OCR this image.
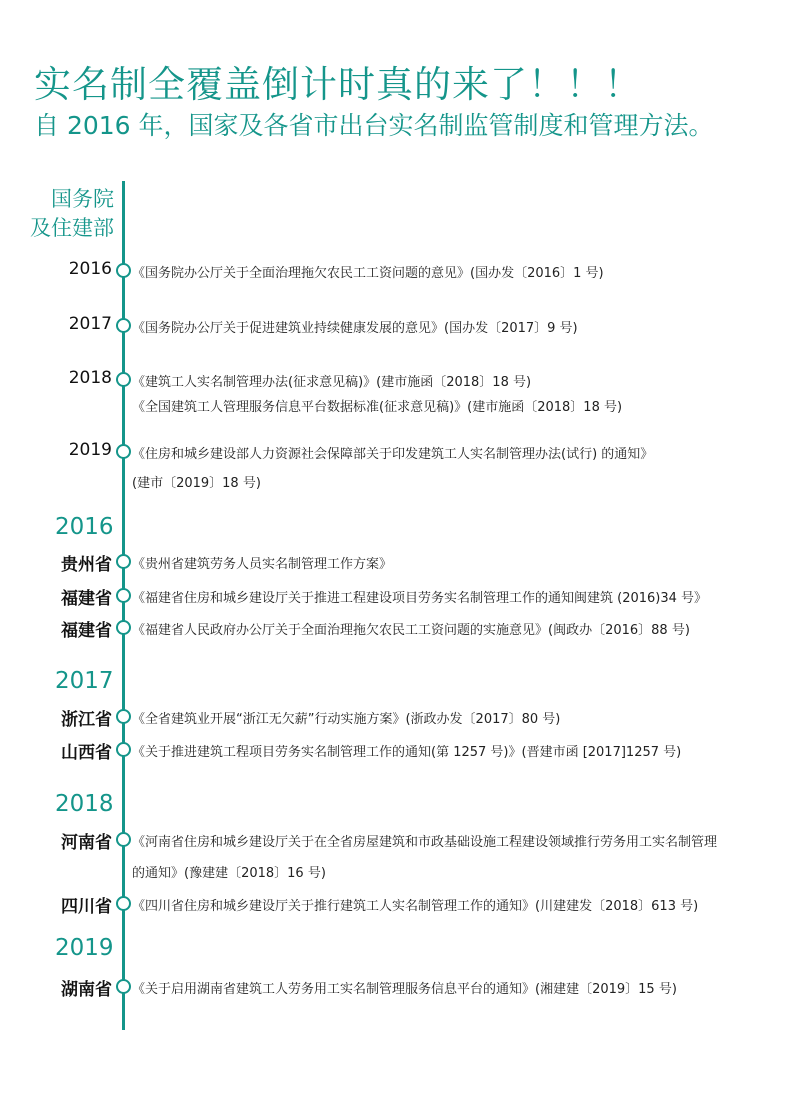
实名制全覆盖倒计时真的来了！！！
自 2016 年，国家及各省市出台实名制监管制度和管理方法。
国务院
及住建部
2016 《国务院办公厅关于全面治理拖欠农民工工资问题的意见》(国办发〔2016〕1 号)
2017 《国务院办公厅关于促进建筑业持续健康发展的意见》(国办发〔2017〕9 号)
2018 《建筑工人实名制管理办法(征求意见稿)》(建市施函〔2018〕18 号)
《全国建筑工人管理服务信息平台数据标准(征求意见稿)》(建市施函〔2018〕18 号)
2019 《住房和城乡建设部人力资源社会保障部关于印发建筑工人实名制管理办法(试行) 的通知》
(建市〔2019〕18 号)
2016
贵州省 《贵州省建筑劳务人员实名制管理工作方案》
福建省 《福建省住房和城乡建设厅关于推进工程建设项目劳务实名制管理工作的通知闽建筑 (2016)34 号》
福建省 《福建省人民政府办公厅关于全面治理拖欠农民工工资问题的实施意见》(闽政办〔2016〕88 号)
2017
浙江省 《全省建筑业开展“浙江无欠薪”行动实施方案》(浙政办发〔2017〕80 号)
山西省 《关于推进建筑工程项目劳务实名制管理工作的通知(第 1257 号)》(晋建市函 [2017]1257 号)
2018
河南省 《河南省住房和城乡建设厅关于在全省房屋建筑和市政基础设施工程建设领域推行劳务用工实名制管理
的通知》(豫建建〔2018〕16 号)
四川省 《四川省住房和城乡建设厅关于推行建筑工人实名制管理工作的通知》(川建建发〔2018〕613 号)
2019
湖南省 《关于启用湖南省建筑工人劳务用工实名制管理服务信息平台的通知》(湘建建〔2019〕15 号)
